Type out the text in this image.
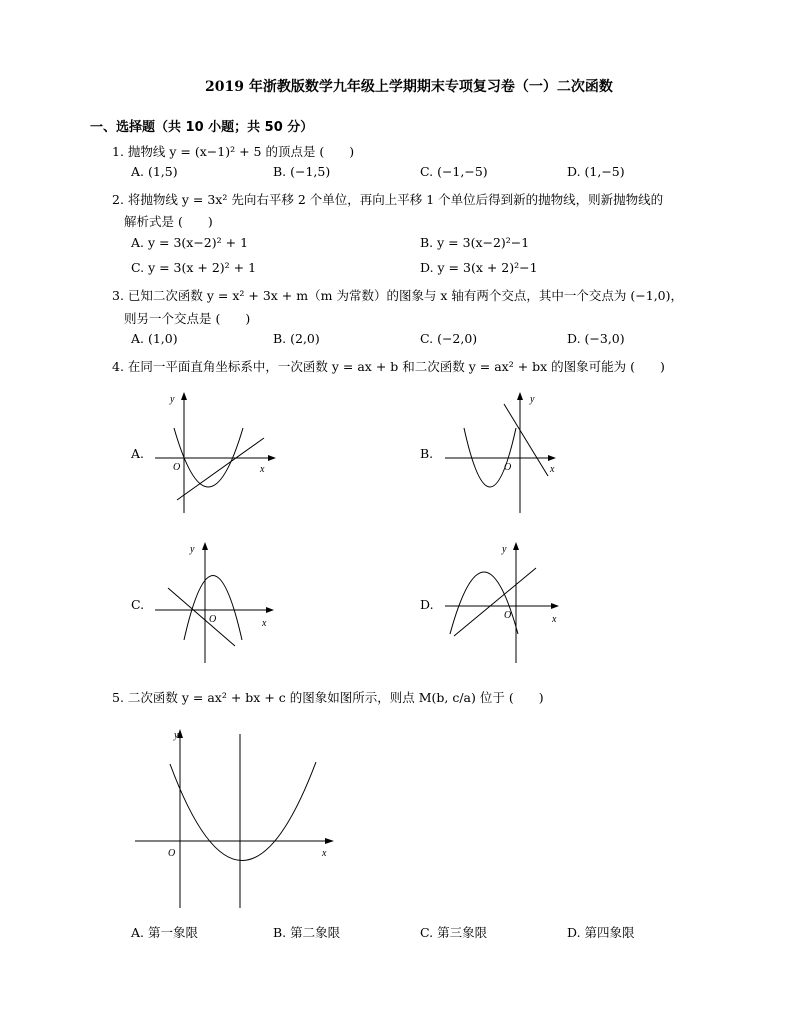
2019 年浙教版数学九年级上学期期末专项复习卷（一）二次函数
一、选择题（共 10 小题；共 50 分）
1. 抛物线 y = (x−1)² + 5 的顶点是 (　　)
A. (1,5)	B. (−1,5)	C. (−1,−5)	D. (1,−5)
2. 将抛物线 y = 3x² 先向右平移 2 个单位，再向上平移 1 个单位后得到新的抛物线，则新抛物线的
解析式是 (　　)
A. y = 3(x−2)² + 1	B. y = 3(x−2)²−1
C. y = 3(x + 2)² + 1	D. y = 3(x + 2)²−1
3. 已知二次函数 y = x² + 3x + m（m 为常数）的图象与 x 轴有两个交点，其中一个交点为 (−1,0)，
则另一个交点是 (　　)
A. (1,0)	B. (2,0)	C. (−2,0)	D. (−3,0)
4. 在同一平面直角坐标系中，一次函数 y = ax + b 和二次函数 y = ax² + bx 的图象可能为 (　　)
A.	B.
C.	D.
y
x
O
y
x
O
y
x
O
y
x
O
5. 二次函数 y = ax² + bx + c 的图象如图所示，则点 M(b, c/a) 位于 (　　)
y
x
O
A. 第一象限	B. 第二象限	C. 第三象限	D. 第四象限
